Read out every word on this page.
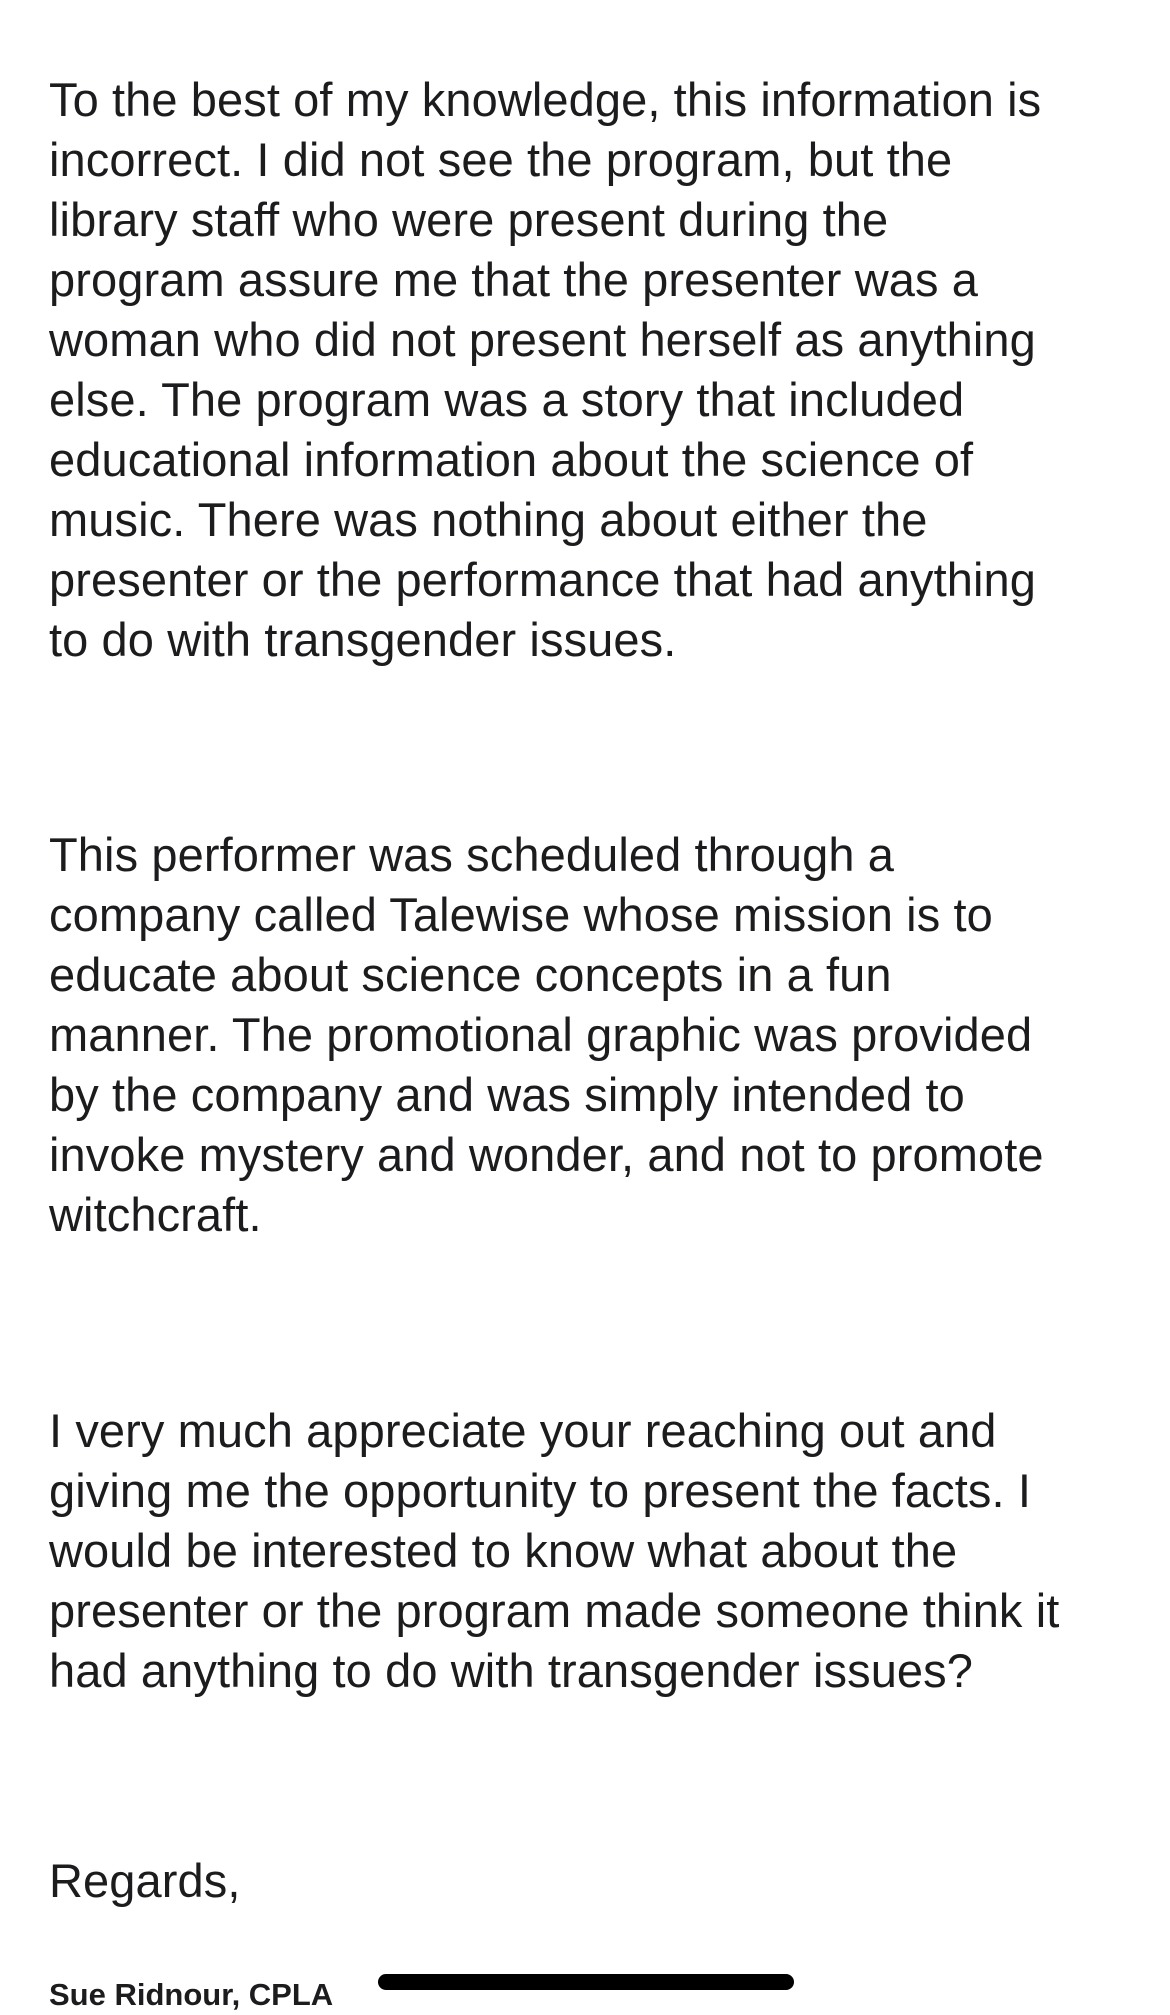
To the best of my knowledge, this information is
incorrect. I did not see the program, but the
library staff who were present during the
program assure me that the presenter was a
woman who did not present herself as anything
else. The program was a story that included
educational information about the science of
music. There was nothing about either the
presenter or the performance that had anything
to do with transgender issues.

This performer was scheduled through a
company called Talewise whose mission is to
educate about science concepts in a fun
manner. The promotional graphic was provided
by the company and was simply intended to
invoke mystery and wonder, and not to promote
witchcraft.

I very much appreciate your reaching out and
giving me the opportunity to present the facts. I
would be interested to know what about the
presenter or the program made someone think it
had anything to do with transgender issues?

Regards,

Sue Ridnour, CPLA
